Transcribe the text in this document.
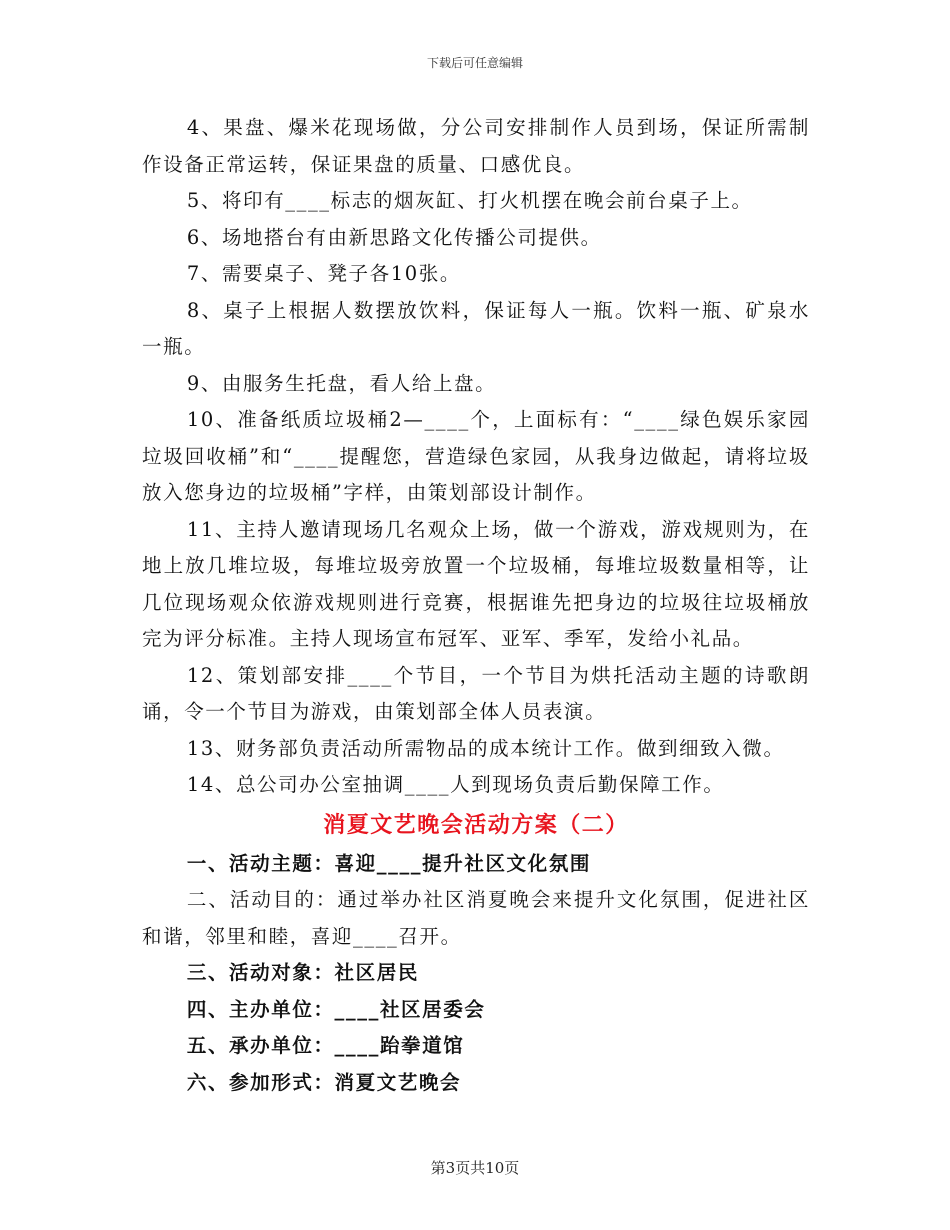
下载后可任意编辑

4、果盘、爆米花现场做，分公司安排制作人员到场，保证所需制作设备正常运转，保证果盘的质量、口感优良。

5、将印有____标志的烟灰缸、打火机摆在晚会前台桌子上。

6、场地搭台有由新思路文化传播公司提供。

7、需要桌子、凳子各10张。

8、桌子上根据人数摆放饮料，保证每人一瓶。饮料一瓶、矿泉水一瓶。

9、由服务生托盘，看人给上盘。

10、准备纸质垃圾桶2—____个，上面标有：“____绿色娱乐家园垃圾回收桶”和“____提醒您，营造绿色家园，从我身边做起，请将垃圾放入您身边的垃圾桶”字样，由策划部设计制作。

11、主持人邀请现场几名观众上场，做一个游戏，游戏规则为，在地上放几堆垃圾，每堆垃圾旁放置一个垃圾桶，每堆垃圾数量相等，让几位现场观众依游戏规则进行竞赛，根据谁先把身边的垃圾往垃圾桶放完为评分标准。主持人现场宣布冠军、亚军、季军，发给小礼品。

12、策划部安排____个节目，一个节目为烘托活动主题的诗歌朗诵，令一个节目为游戏，由策划部全体人员表演。

13、财务部负责活动所需物品的成本统计工作。做到细致入微。

14、总公司办公室抽调____人到现场负责后勤保障工作。

消夏文艺晚会活动方案（二）

一、活动主题：喜迎____提升社区文化氛围

二、活动目的：通过举办社区消夏晚会来提升文化氛围，促进社区和谐，邻里和睦，喜迎____召开。

三、活动对象：社区居民

四、主办单位：____社区居委会

五、承办单位：____跆拳道馆

六、参加形式：消夏文艺晚会

第3页共10页
